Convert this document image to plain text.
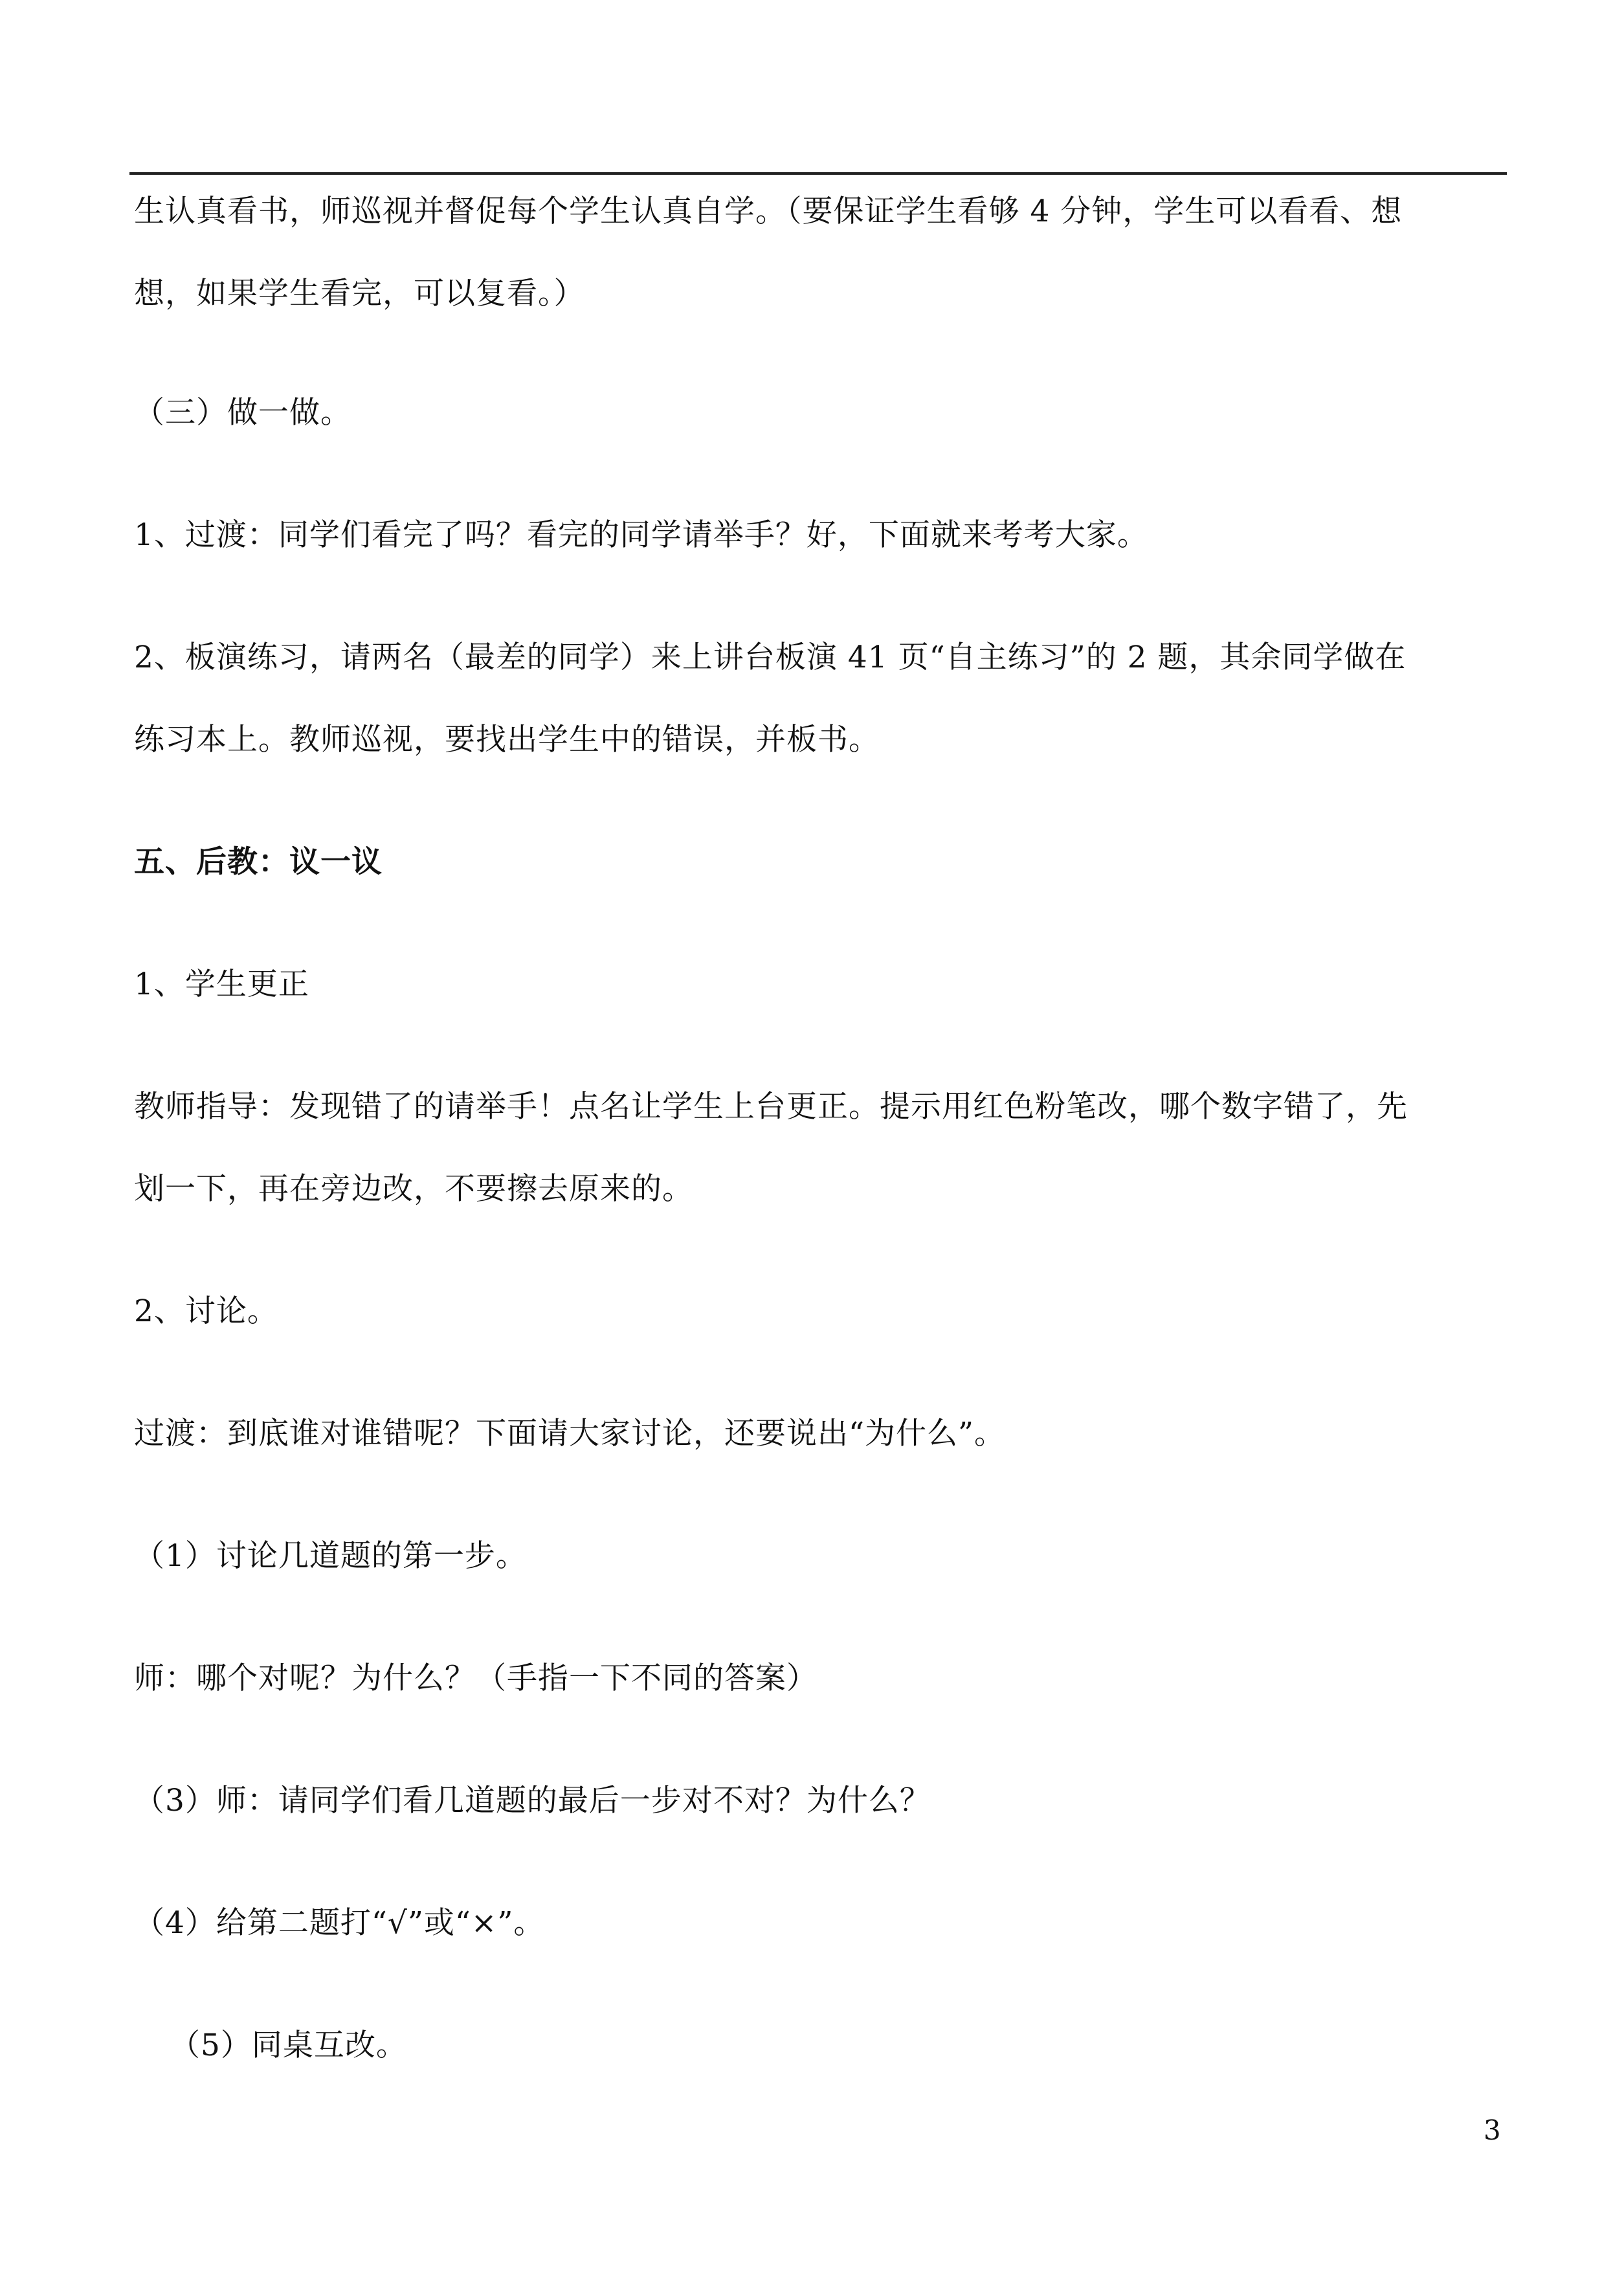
生认真看书，师巡视并督促每个学生认真自学。（要保证学生看够 4 分钟，学生可以看看、想
想，如果学生看完，可以复看。）
（三）做一做。
1、过渡：同学们看完了吗？看完的同学请举手？好，下面就来考考大家。
2、板演练习，请两名（最差的同学）来上讲台板演 41 页“自主练习”的 2 题，其余同学做在
练习本上。教师巡视，要找出学生中的错误，并板书。
五、后教：议一议
1、学生更正
教师指导：发现错了的请举手！点名让学生上台更正。提示用红色粉笔改，哪个数字错了，先
划一下，再在旁边改，不要擦去原来的。
2、讨论。
过渡：到底谁对谁错呢？下面请大家讨论，还要说出“为什么”。
（1）讨论几道题的第一步。
师：哪个对呢？为什么？（手指一下不同的答案）
（3）师：请同学们看几道题的最后一步对不对？为什么？
（4）给第二题打“√”或“×”。
（5）同桌互改。
3
